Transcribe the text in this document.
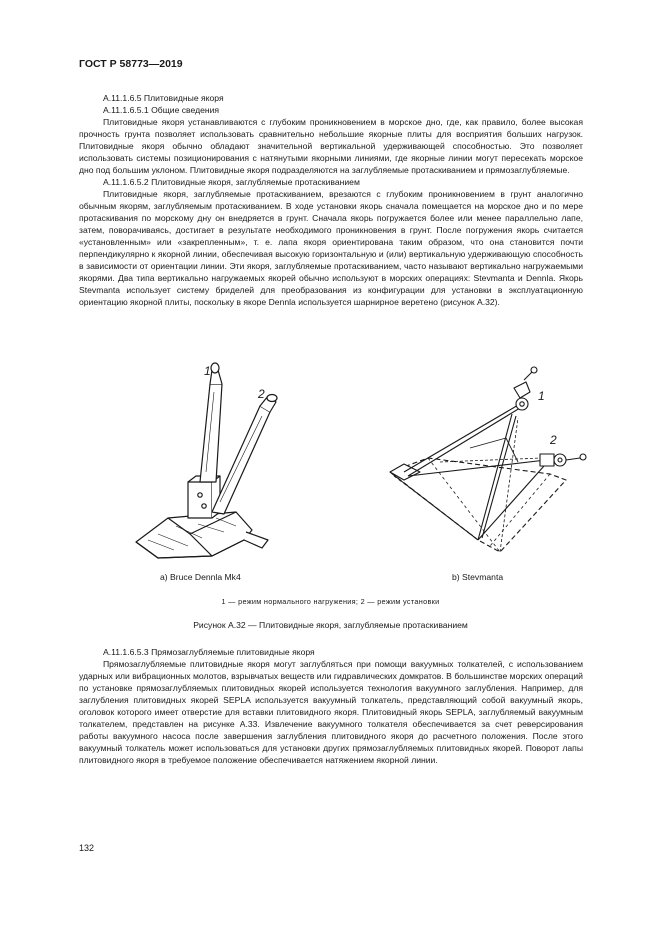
ГОСТ Р 58773—2019

А.11.1.6.5 Плитовидные якоря

А.11.1.6.5.1 Общие сведения

Плитовидные якоря устанавливаются с глубоким проникновением в морское дно, где, как правило, более высокая прочность грунта позволяет использовать сравнительно небольшие якорные плиты для восприятия больших нагрузок. Плитовидные якоря обычно обладают значительной вертикальной удерживающей способностью. Это позволяет использовать системы позиционирования с натянутыми якорными линиями, где якорные линии могут пересекать морское дно под большим уклоном. Плитовидные якоря подразделяются на заглубляемые протаскиванием и прямозаглубляемые.

А.11.1.6.5.2 Плитовидные якоря, заглубляемые протаскиванием

Плитовидные якоря, заглубляемые протаскиванием, врезаются с глубоким проникновением в грунт аналогично обычным якорям, заглубляемым протаскиванием. В ходе установки якорь сначала помещается на морское дно и по мере протаскивания по морскому дну он внедряется в грунт. Сначала якорь погружается более или менее параллельно лапе, затем, поворачиваясь, достигает в результате необходимого проникновения в грунт. После погружения якорь считается «установленным» или «закрепленным», т. е. лапа якоря ориентирована таким образом, что она становится почти перпендикулярно к якорной линии, обеспечивая высокую горизонтальную и (или) вертикальную удерживающую способность в зависимости от ориентации линии. Эти якоря, заглубляемые протаскиванием, часто называют вертикально нагружаемыми якорями. Два типа вертикально нагружаемых якорей обычно используют в морских операциях: Stevmanta и Dennla. Якорь Stevmanta использует систему бриделей для преобразования из конфигурации для установки в эксплуатационную ориентацию якорной плиты, поскольку в якоре Dennla используется шарнирное веретено (рисунок А.32).

1
2	1
2
а) Bruce Dennla Mk4	b) Stevmanta
1 — режим нормального нагружения; 2 — режим установки
Рисунок А.32 — Плитовидные якоря, заглубляемые протаскиванием

А.11.1.6.5.3 Прямозаглубляемые плитовидные якоря

Прямозаглубляемые плитовидные якоря могут заглубляться при помощи вакуумных толкателей, с использованием ударных или вибрационных молотов, взрывчатых веществ или гидравлических домкратов. В большинстве морских операций по установке прямозаглубляемых плитовидных якорей используется технология вакуумного заглубления. Например, для заглубления плитовидных якорей SEPLA используется вакуумный толкатель, представляющий собой вакуумный якорь, оголовок которого имеет отверстие для вставки плитовидного якоря. Плитовидный якорь SEPLA, заглубляемый вакуумным толкателем, представлен на рисунке А.33. Извлечение вакуумного толкателя обеспечивается за счет реверсирования работы вакуумного насоса после завершения заглубления плитовидного якоря до расчетного положения. После этого вакуумный толкатель может использоваться для установки других прямозаглубляемых плитовидных якорей. Поворот лапы плитовидного якоря в требуемое положение обеспечивается натяжением якорной линии.

132
